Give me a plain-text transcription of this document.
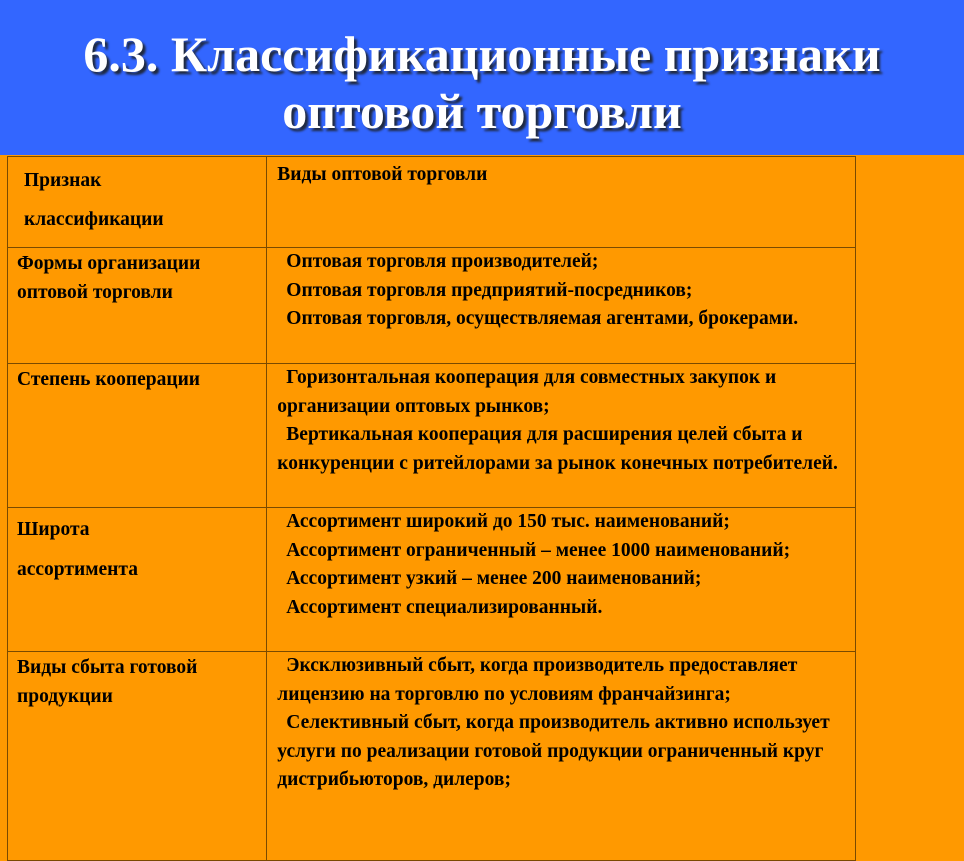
6.3. Классификационные признаки
оптовой торговли
Признак
классификации	Виды оптовой торговли

Формы организации
оптовой торговли	Оптовая торговля производителей;
Оптовая торговля предприятий-посредников;
Оптовая торговля, осуществляемая агентами, брокерами.

Степень кооперации	Горизонтальная кооперация для совместных закупок и организации оптовых рынков;
Вертикальная кооперация для расширения целей сбыта и конкуренции с ритейлорами за рынок конечных потребителей.

Широта
ассортимента	Ассортимент широкий до 150 тыс. наименований;
Ассортимент ограниченный – менее 1000 наименований;
Ассортимент узкий – менее 200 наименований;
Ассортимент специализированный.

Виды сбыта готовой
продукции	Эксклюзивный сбыт, когда производитель предоставляет лицензию на торговлю по условиям франчайзинга;
Селективный сбыт, когда производитель активно использует услуги по реализации готовой продукции ограниченный круг дистрибьюторов, дилеров;
